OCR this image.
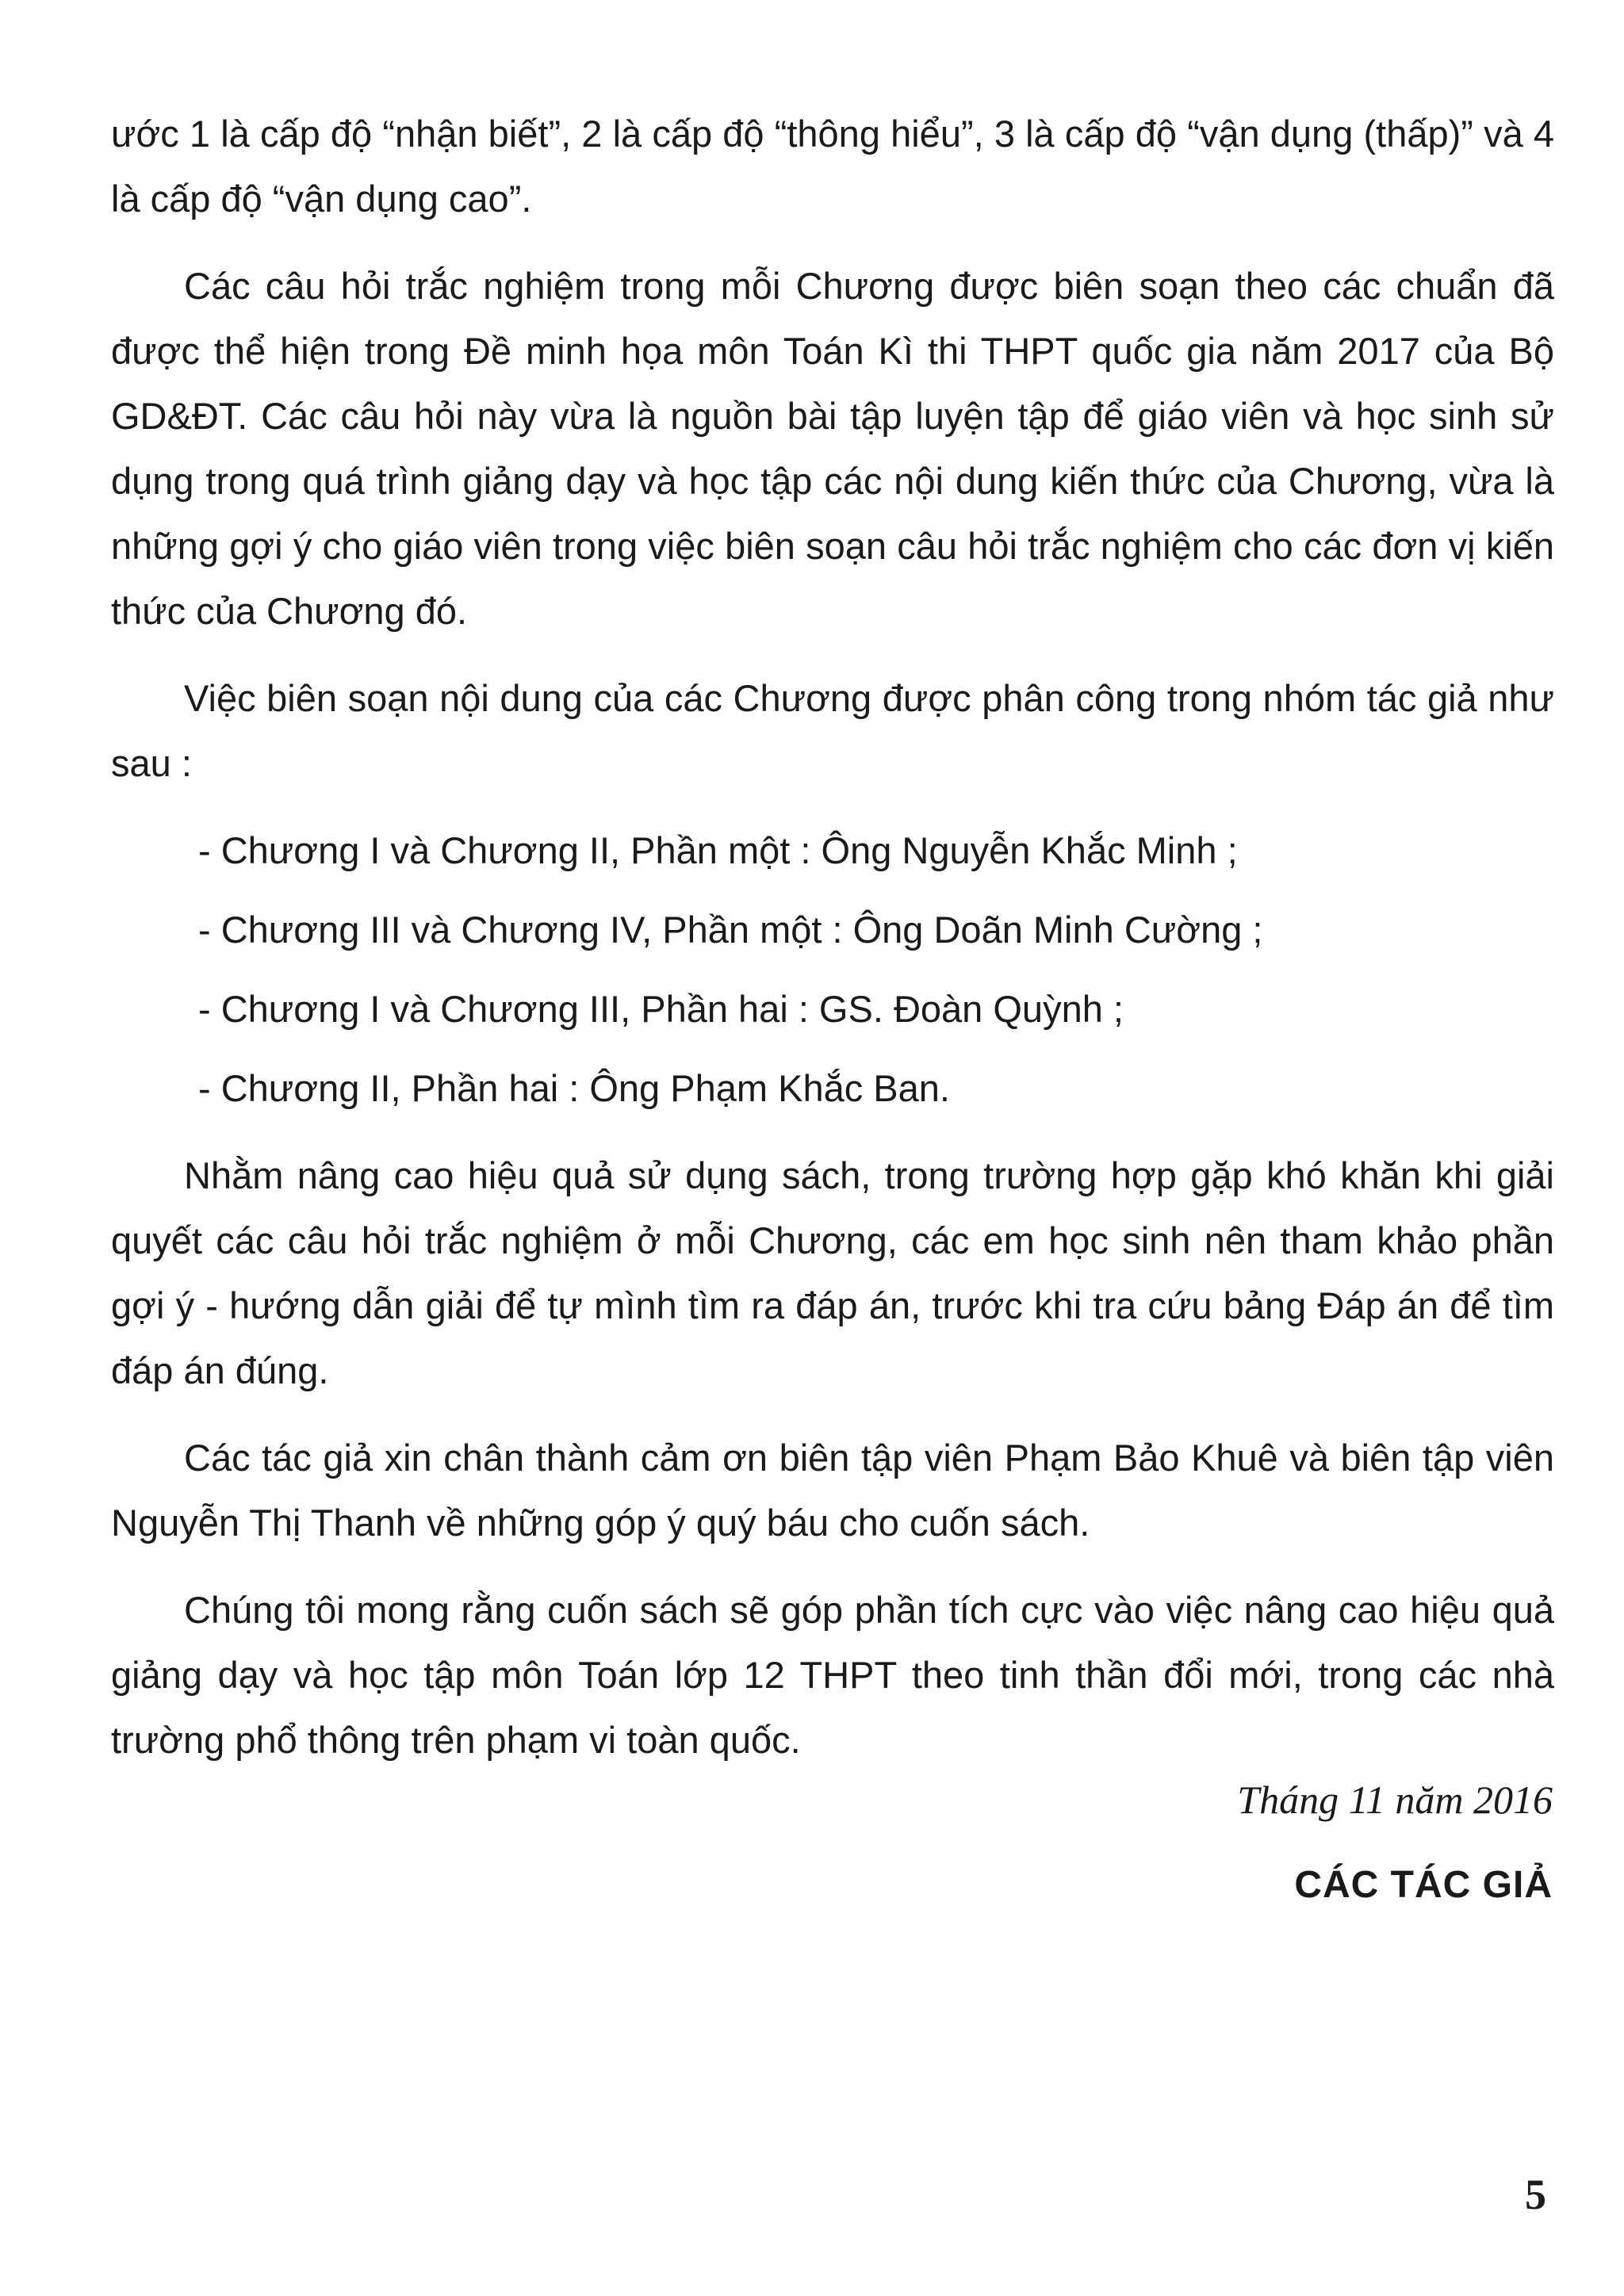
ước 1 là cấp độ “nhận biết”, 2 là cấp độ “thông hiểu”, 3 là cấp độ “vận dụng (thấp)” và 4 là cấp độ “vận dụng cao”.

Các câu hỏi trắc nghiệm trong mỗi Chương được biên soạn theo các chuẩn đã được thể hiện trong Đề minh họa môn Toán Kì thi THPT quốc gia năm 2017 của Bộ GD&ĐT. Các câu hỏi này vừa là nguồn bài tập luyện tập để giáo viên và học sinh sử dụng trong quá trình giảng dạy và học tập các nội dung kiến thức của Chương, vừa là những gợi ý cho giáo viên trong việc biên soạn câu hỏi trắc nghiệm cho các đơn vị kiến thức của Chương đó.

Việc biên soạn nội dung của các Chương được phân công trong nhóm tác giả như sau :

- Chương I và Chương II, Phần một : Ông Nguyễn Khắc Minh ;
- Chương III và Chương IV, Phần một : Ông Doãn Minh Cường ;
- Chương I và Chương III, Phần hai : GS. Đoàn Quỳnh ;
- Chương II, Phần hai : Ông Phạm Khắc Ban.

Nhằm nâng cao hiệu quả sử dụng sách, trong trường hợp gặp khó khăn khi giải quyết các câu hỏi trắc nghiệm ở mỗi Chương, các em học sinh nên tham khảo phần gợi ý - hướng dẫn giải để tự mình tìm ra đáp án, trước khi tra cứu bảng Đáp án để tìm đáp án đúng.

Các tác giả xin chân thành cảm ơn biên tập viên Phạm Bảo Khuê và biên tập viên Nguyễn Thị Thanh về những góp ý quý báu cho cuốn sách.

Chúng tôi mong rằng cuốn sách sẽ góp phần tích cực vào việc nâng cao hiệu quả giảng dạy và học tập môn Toán lớp 12 THPT theo tinh thần đổi mới, trong các nhà trường phổ thông trên phạm vi toàn quốc.

Tháng 11 năm 2016
CÁC TÁC GIẢ
5
